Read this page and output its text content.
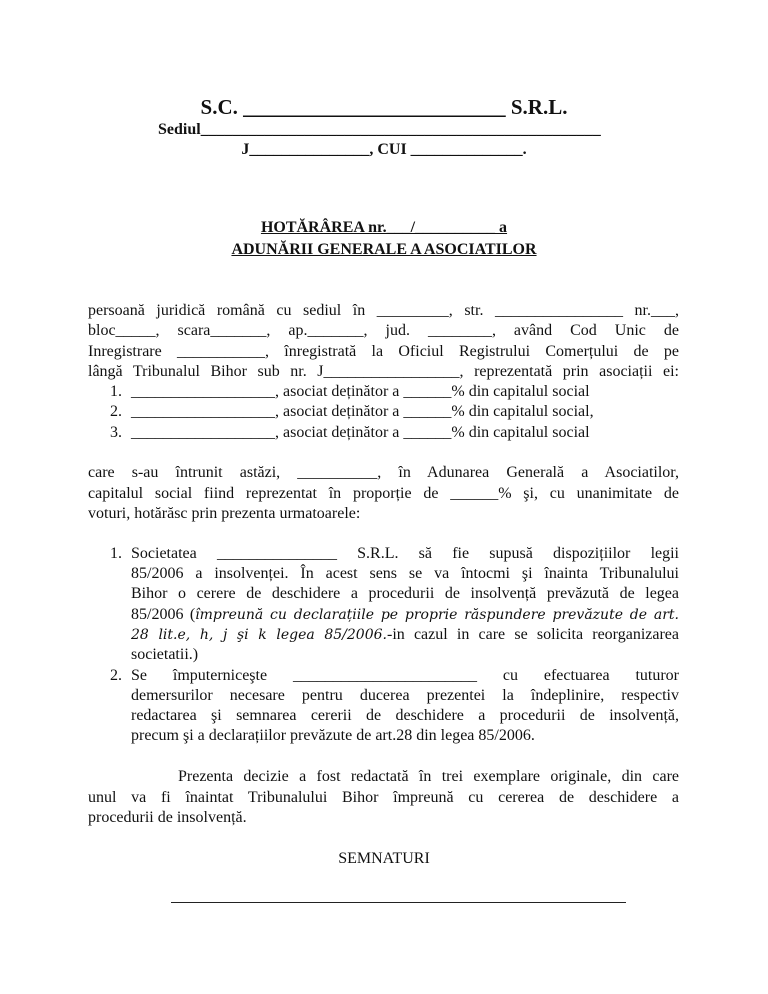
S.C. _________________________ S.R.L.
Sediul__________________________________________________
J_______________, CUI ______________.
HOTĂRÂREA nr.___/__________ a
ADUNĂRII GENERALE A ASOCIATILOR
persoană juridică română cu sediul în _________, str. ________________ nr.___,
bloc_____, scara_______, ap._______, jud. ________, având Cod Unic de
Inregistrare ___________, înregistrată la Oficiul Registrului Comerțului de pe
lângă Tribunalul Bihor sub nr. J_________________, reprezentată prin asociații ei:
1. __________________, asociat deținător a ______% din capitalul social
2. __________________, asociat deținător a ______% din capitalul social,
3. __________________, asociat deținător a ______% din capitalul social
care s-au întrunit astăzi, __________, în Adunarea Generală a Asociatilor,
capitalul social fiind reprezentat în proporție de ______% şi, cu unanimitate de
voturi, hotărăsc prin prezenta urmatoarele:
1. Societatea _______________ S.R.L. să fie supusă dispozițiilor legii
85/2006 a insolvenței. În acest sens se va întocmi şi înainta Tribunalului
Bihor o cerere de deschidere a procedurii de insolvență prevăzută de legea
85/2006 (împreună cu declarațiile pe proprie răspundere prevăzute de art.
28 lit.e, h, j şi k legea 85/2006.-in cazul in care se solicita reorganizarea
societatii.)
2. Se împuterniceşte _______________________ cu efectuarea tuturor
demersurilor necesare pentru ducerea prezentei la îndeplinire, respectiv
redactarea şi semnarea cererii de deschidere a procedurii de insolvență,
precum şi a declarațiilor prevăzute de art.28 din legea 85/2006.
Prezenta decizie a fost redactată în trei exemplare originale, din care
unul va fi înaintat Tribunalului Bihor împreună cu cererea de deschidere a
procedurii de insolvență.
SEMNATURI
